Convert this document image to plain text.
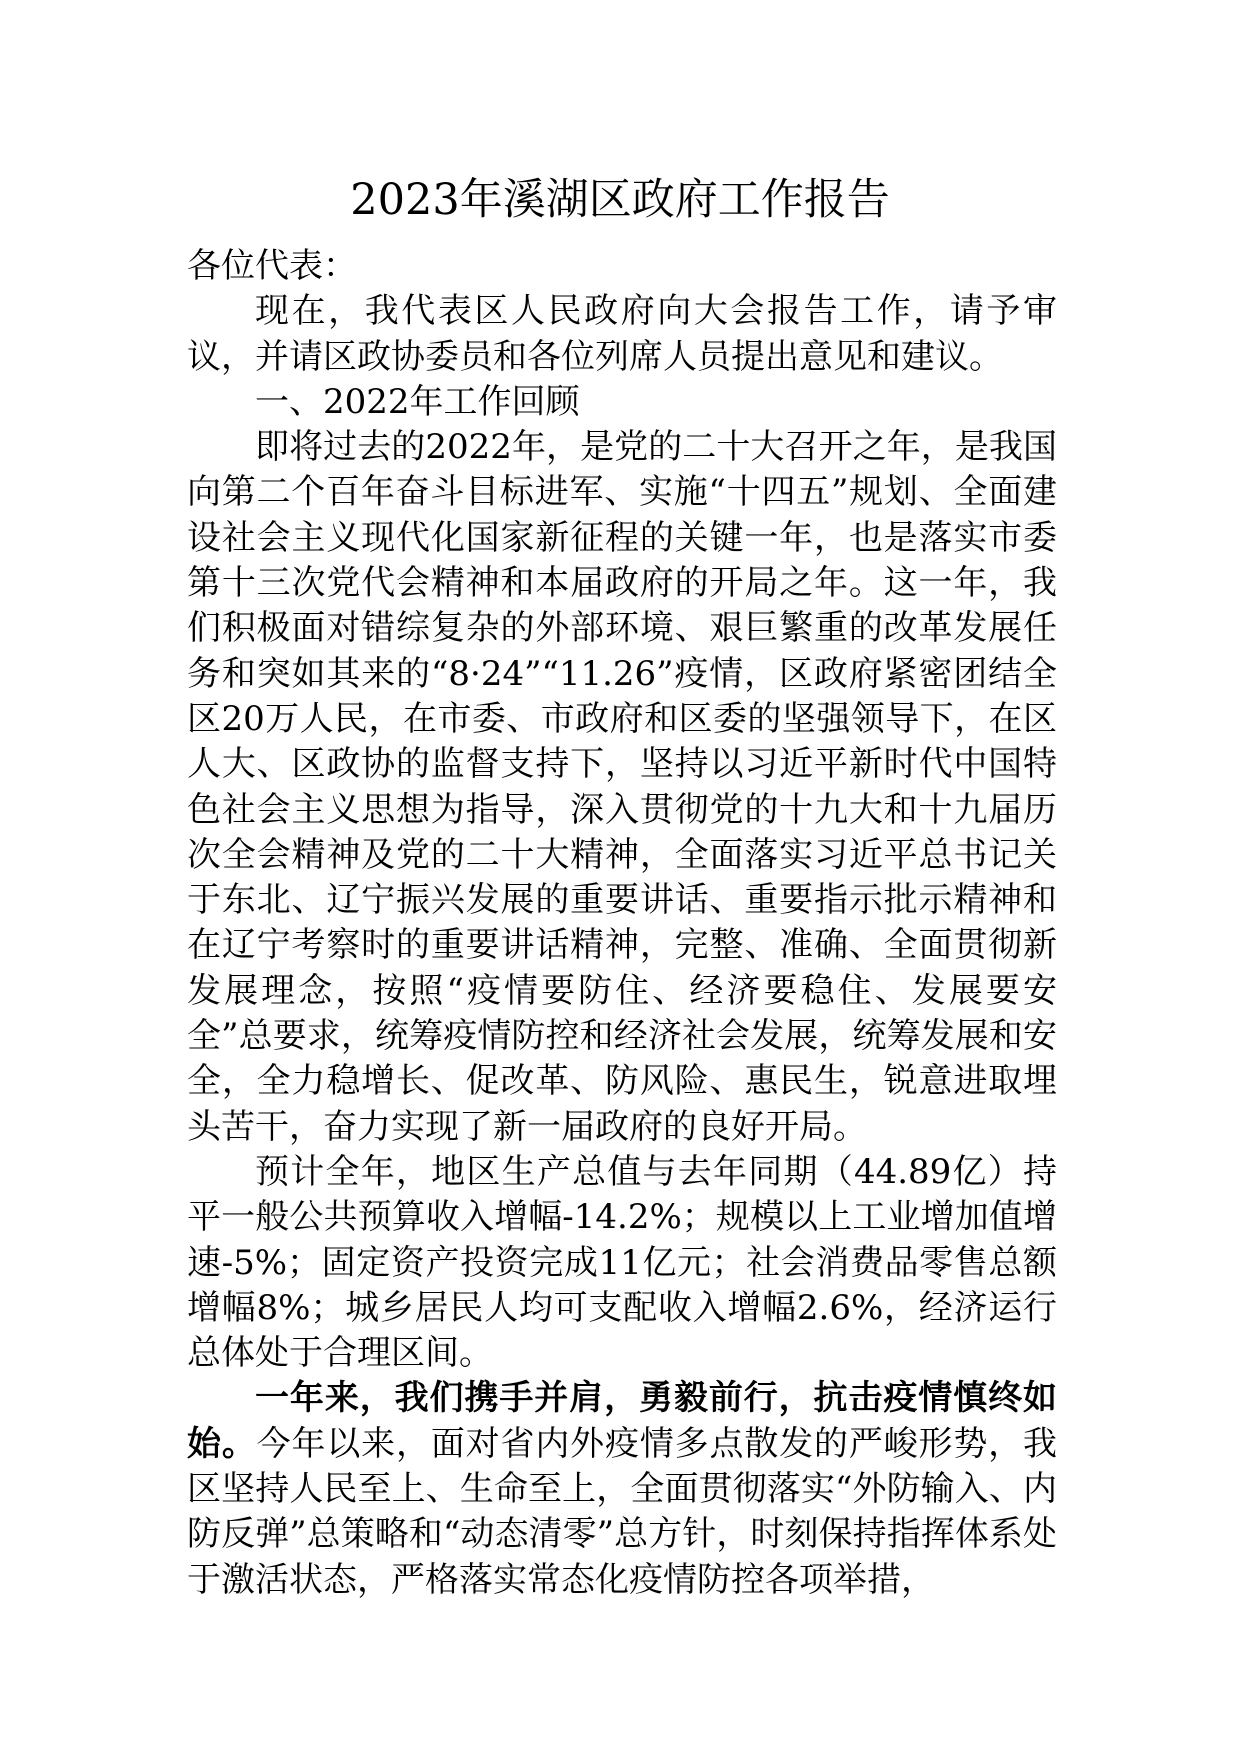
2023年溪湖区政府工作报告

各位代表：

现在，我代表区人民政府向大会报告工作，请予审议，并请区政协委员和各位列席人员提出意见和建议。

一、2022年工作回顾

即将过去的2022年，是党的二十大召开之年，是我国向第二个百年奋斗目标进军、实施“十四五”规划、全面建设社会主义现代化国家新征程的关键一年，也是落实市委第十三次党代会精神和本届政府的开局之年。这一年，我们积极面对错综复杂的外部环境、艰巨繁重的改革发展任务和突如其来的“8·24”“11.26”疫情，区政府紧密团结全区20万人民，在市委、市政府和区委的坚强领导下，在区人大、区政协的监督支持下，坚持以习近平新时代中国特色社会主义思想为指导，深入贯彻党的十九大和十九届历次全会精神及党的二十大精神，全面落实习近平总书记关于东北、辽宁振兴发展的重要讲话、重要指示批示精神和在辽宁考察时的重要讲话精神，完整、准确、全面贯彻新发展理念，按照“疫情要防住、经济要稳住、发展要安全”总要求，统筹疫情防控和经济社会发展，统筹发展和安全，全力稳增长、促改革、防风险、惠民生，锐意进取埋头苦干，奋力实现了新一届政府的良好开局。

预计全年，地区生产总值与去年同期（44.89亿）持平一般公共预算收入增幅-14.2%；规模以上工业增加值增速-5%；固定资产投资完成11亿元；社会消费品零售总额增幅8%；城乡居民人均可支配收入增幅2.6%，经济运行总体处于合理区间。

一年来，我们携手并肩，勇毅前行，抗击疫情慎终如始。今年以来，面对省内外疫情多点散发的严峻形势，我区坚持人民至上、生命至上，全面贯彻落实“外防输入、内防反弹”总策略和“动态清零”总方针，时刻保持指挥体系处于激活状态，严格落实常态化疫情防控各项举措，
